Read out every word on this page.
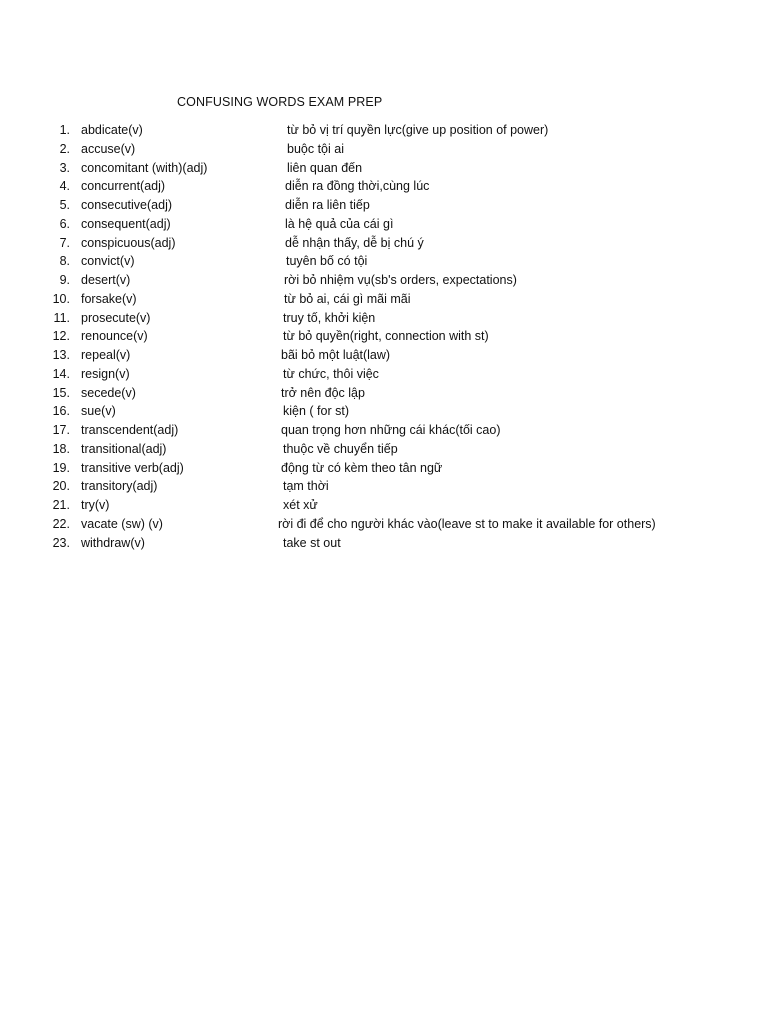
CONFUSING WORDS EXAM PREP
1. abdicate(v)	từ bỏ vị trí quyền lực(give up position of power)
2. accuse(v)	buộc tội ai
3. concomitant (with)(adj)	liên quan đến
4. concurrent(adj)	diễn ra đồng thời,cùng lúc
5. consecutive(adj)	diễn ra liên tiếp
6. consequent(adj)	là hệ quả của cái gì
7. conspicuous(adj)	dễ nhận thấy, dễ bị chú ý
8. convict(v)	tuyên bố có tội
9. desert(v)	rời bỏ nhiệm vụ(sb's orders, expectations)
10. forsake(v)	từ bỏ ai, cái gì mãi mãi
11. prosecute(v)	truy tố, khởi kiện
12. renounce(v)	từ bỏ quyền(right, connection with st)
13. repeal(v)	bãi bỏ một luật(law)
14. resign(v)	từ chức, thôi việc
15. secede(v)	trở nên độc lập
16. sue(v)	kiện ( for st)
17. transcendent(adj)	quan trọng hơn những cái khác(tối cao)
18. transitional(adj)	thuộc về chuyển tiếp
19. transitive verb(adj)	động từ có kèm theo tân ngữ
20. transitory(adj)	tạm thời
21. try(v)	xét xử
22. vacate (sw) (v)	rời đi để cho người khác vào(leave st to make it available for others)
23. withdraw(v)	take st out
